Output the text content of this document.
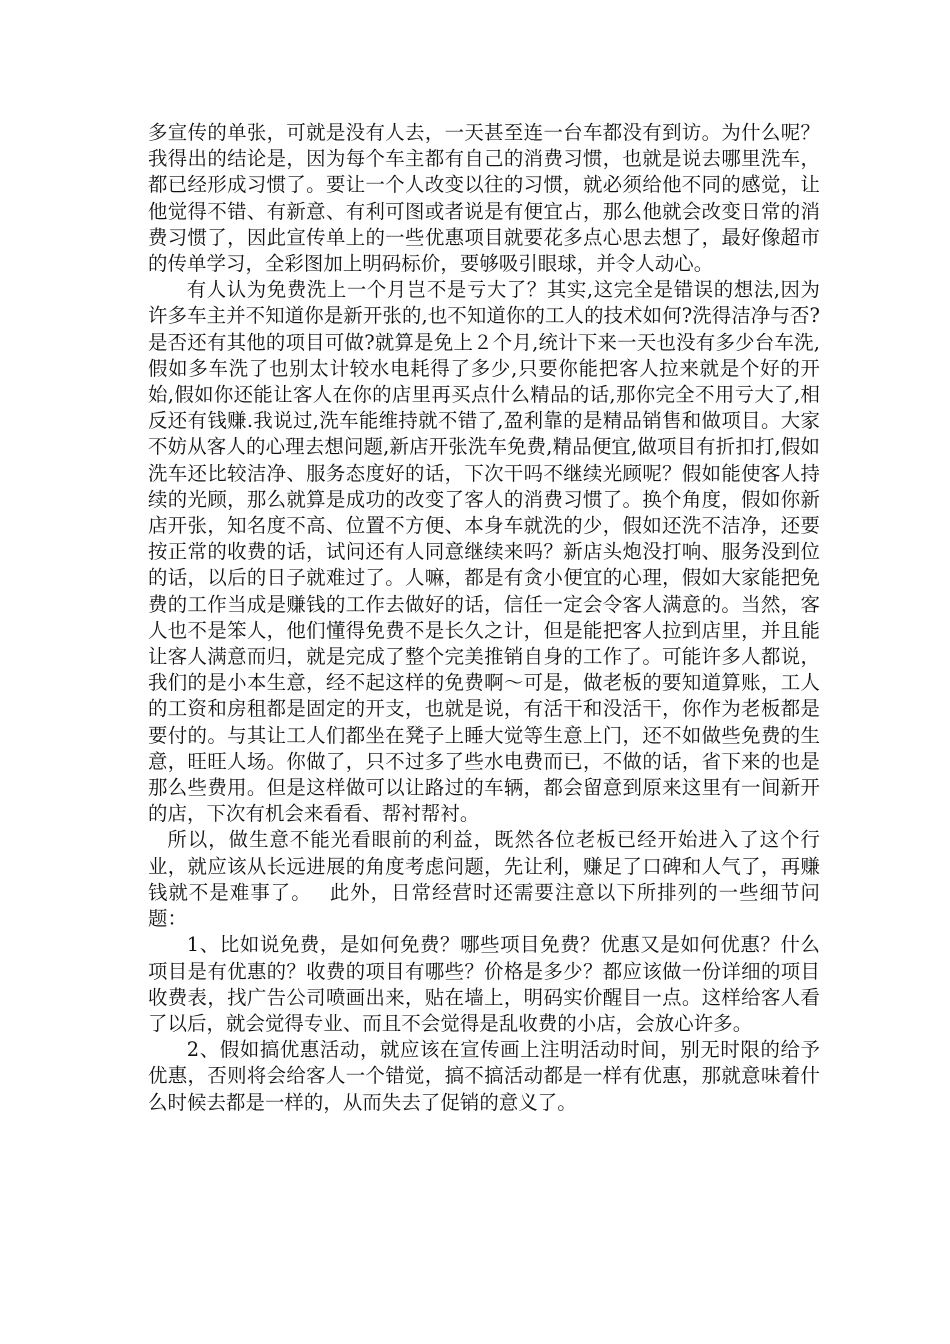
多宣传的单张，可就是没有人去，一天甚至连一台车都没有到访。为什么呢？我得出的结论是，因为每个车主都有自己的消费习惯，也就是说去哪里洗车，都已经形成习惯了。要让一个人改变以往的习惯，就必须给他不同的感觉，让他觉得不错、有新意、有利可图或者说是有便宜占，那么他就会改变日常的消费习惯了，因此宣传单上的一些优惠项目就要花多点心思去想了，最好像超市的传单学习，全彩图加上明码标价，要够吸引眼球，并令人动心。

有人认为免费洗上一个月岂不是亏大了？其实,这完全是错误的想法,因为许多车主并不知道你是新开张的,也不知道你的工人的技术如何?洗得洁净与否?是否还有其他的项目可做?就算是免上２个月,统计下来一天也没有多少台车洗,假如多车洗了也别太计较水电耗得了多少,只要你能把客人拉来就是个好的开始,假如你还能让客人在你的店里再买点什么精品的话,那你完全不用亏大了,相反还有钱赚.我说过,洗车能维持就不错了,盈利靠的是精品销售和做项目。大家不妨从客人的心理去想问题,新店开张洗车免费,精品便宜,做项目有折扣打,假如洗车还比较洁净、服务态度好的话，下次干吗不继续光顾呢？假如能使客人持续的光顾，那么就算是成功的改变了客人的消费习惯了。换个角度，假如你新店开张，知名度不高、位置不方便、本身车就洗的少，假如还洗不洁净，还要按正常的收费的话，试问还有人同意继续来吗？新店头炮没打响、服务没到位的话，以后的日子就难过了。人嘛，都是有贪小便宜的心理，假如大家能把免费的工作当成是赚钱的工作去做好的话，信任一定会令客人满意的。当然，客人也不是笨人，他们懂得免费不是长久之计，但是能把客人拉到店里，并且能让客人满意而归，就是完成了整个完美推销自身的工作了。可能许多人都说，我们的是小本生意，经不起这样的免费啊～可是，做老板的要知道算账，工人的工资和房租都是固定的开支，也就是说，有活干和没活干，你作为老板都是要付的。与其让工人们都坐在凳子上睡大觉等生意上门，还不如做些免费的生意，旺旺人场。你做了，只不过多了些水电费而已，不做的话，省下来的也是那么些费用。但是这样做可以让路过的车辆，都会留意到原来这里有一间新开的店，下次有机会来看看、帮衬帮衬。

所以，做生意不能光看眼前的利益，既然各位老板已经开始进入了这个行业，就应该从长远进展的角度考虑问题，先让利，赚足了口碑和人气了，再赚钱就不是难事了。　 此外，日常经营时还需要注意以下所排列的一些细节问题：

1、比如说免费，是如何免费？哪些项目免费？优惠又是如何优惠？什么项目是有优惠的？收费的项目有哪些？价格是多少？都应该做一份详细的项目收费表，找广告公司喷画出来，贴在墙上，明码实价醒目一点。这样给客人看了以后，就会觉得专业、而且不会觉得是乱收费的小店，会放心许多。

2、假如搞优惠活动，就应该在宣传画上注明活动时间，别无时限的给予优惠，否则将会给客人一个错觉，搞不搞活动都是一样有优惠，那就意味着什么时候去都是一样的，从而失去了促销的意义了。
